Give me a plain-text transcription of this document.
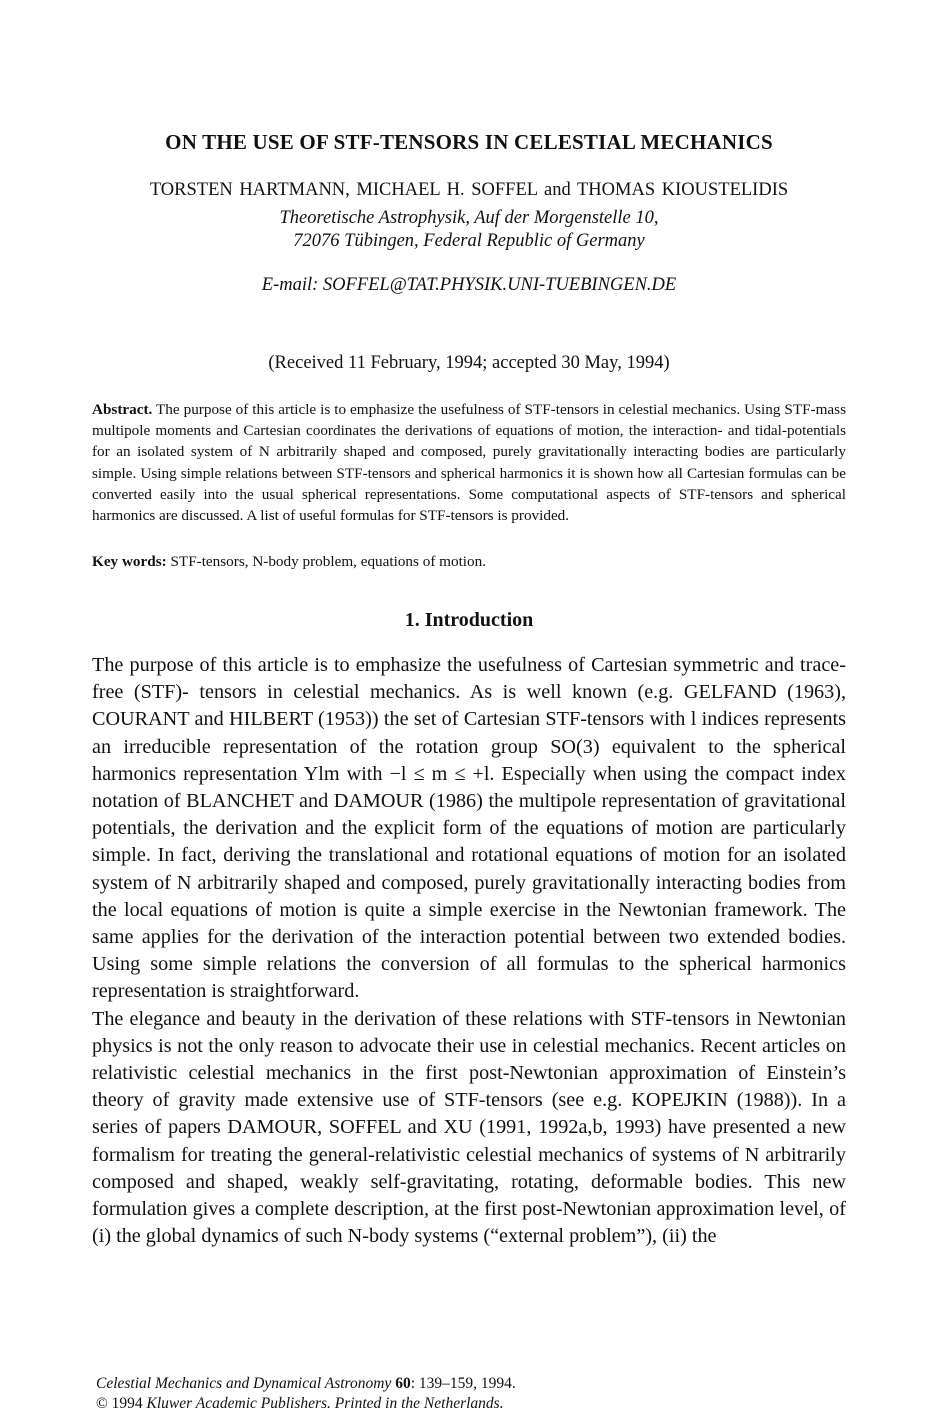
ON THE USE OF STF-TENSORS IN CELESTIAL MECHANICS
TORSTEN HARTMANN, MICHAEL H. SOFFEL and THOMAS KIOUSTELIDIS
Theoretische Astrophysik, Auf der Morgenstelle 10,
72076 Tübingen, Federal Republic of Germany
E-mail: SOFFEL@TAT.PHYSIK.UNI-TUEBINGEN.DE
(Received 11 February, 1994; accepted 30 May, 1994)
Abstract. The purpose of this article is to emphasize the usefulness of STF-tensors in celestial mechanics. Using STF-mass multipole moments and Cartesian coordinates the derivations of equations of motion, the interaction- and tidal-potentials for an isolated system of N arbitrarily shaped and composed, purely gravitationally interacting bodies are particularly simple. Using simple relations between STF-tensors and spherical harmonics it is shown how all Cartesian formulas can be converted easily into the usual spherical representations. Some computational aspects of STF-tensors and spherical harmonics are discussed. A list of useful formulas for STF-tensors is provided.
Key words: STF-tensors, N-body problem, equations of motion.
1. Introduction

The purpose of this article is to emphasize the usefulness of Cartesian symmetric and trace-free (STF)- tensors in celestial mechanics. As is well known (e.g. GELFAND (1963), COURANT and HILBERT (1953)) the set of Cartesian STF-tensors with l indices represents an irreducible representation of the rotation group SO(3) equivalent to the spherical harmonics representation Ylm with −l ≤ m ≤ +l. Especially when using the compact index notation of BLANCHET and DAMOUR (1986) the multipole representation of gravitational potentials, the derivation and the explicit form of the equations of motion are particularly simple. In fact, deriving the translational and rotational equations of motion for an isolated system of N arbitrarily shaped and composed, purely gravitationally interacting bodies from the local equations of motion is quite a simple exercise in the Newtonian framework. The same applies for the derivation of the interaction potential between two extended bodies. Using some simple relations the conversion of all formulas to the spherical harmonics representation is straightforward.

The elegance and beauty in the derivation of these relations with STF-tensors in Newtonian physics is not the only reason to advocate their use in celestial mechanics. Recent articles on relativistic celestial mechanics in the first post-Newtonian approximation of Einstein’s theory of gravity made extensive use of STF-tensors (see e.g. KOPEJKIN (1988)). In a series of papers DAMOUR, SOFFEL and XU (1991, 1992a,b, 1993) have presented a new formalism for treating the general-relativistic celestial mechanics of systems of N arbitrarily composed and shaped, weakly self-gravitating, rotating, deformable bodies. This new formulation gives a complete description, at the first post-Newtonian approximation level, of (i) the global dynamics of such N-body systems (“external problem”), (ii) the

Celestial Mechanics and Dynamical Astronomy 60: 139–159, 1994.
© 1994 Kluwer Academic Publishers. Printed in the Netherlands.
